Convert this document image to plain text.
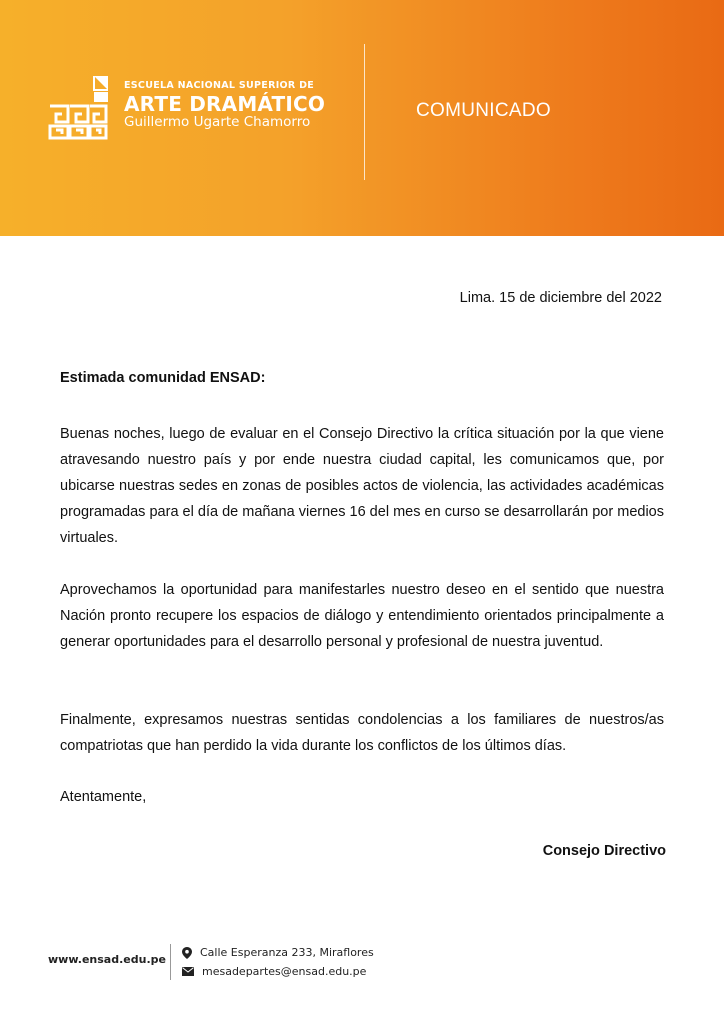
ESCUELA NACIONAL SUPERIOR DE
ARTE DRAMÁTICO
Guillermo Ugarte Chamorro
COMUNICADO
Lima. 15 de diciembre del 2022
Estimada comunidad ENSAD:
Buenas noches, luego de evaluar en el Consejo Directivo la crítica situación por la que viene atravesando nuestro país y por ende nuestra ciudad capital, les comunicamos que, por ubicarse nuestras sedes en zonas de posibles actos de violencia, las actividades académicas programadas para el día de mañana viernes 16 del mes en curso se desarrollarán por medios virtuales.
Aprovechamos la oportunidad para manifestarles nuestro deseo en el sentido que nuestra Nación pronto recupere los espacios de diálogo y entendimiento orientados principalmente a generar oportunidades para el desarrollo personal y profesional de nuestra juventud.
Finalmente, expresamos nuestras sentidas condolencias a los familiares de nuestros/as compatriotas que han perdido la vida durante los conflictos de los últimos días.
Atentamente,
Consejo Directivo
www.ensad.edu.pe
Calle Esperanza 233, Miraflores
mesadepartes@ensad.edu.pe
